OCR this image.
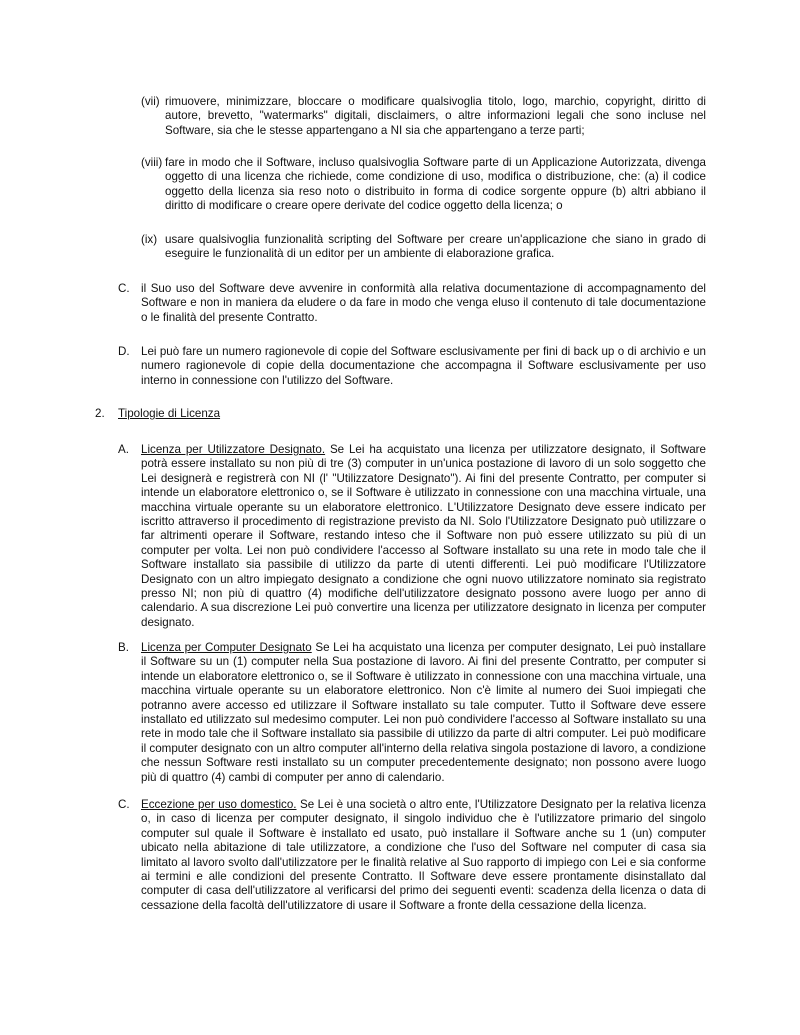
(vii) rimuovere, minimizzare, bloccare o modificare qualsivoglia titolo, logo, marchio, copyright, diritto di autore, brevetto, "watermarks" digitali, disclaimers, o altre informazioni legali che sono incluse nel Software, sia che le stesse appartengano a NI sia che appartengano a terze parti;
(viii) fare in modo che il Software, incluso qualsivoglia Software parte di un Applicazione Autorizzata, divenga oggetto di una licenza che richiede, come condizione di uso, modifica o distribuzione, che: (a) il codice oggetto della licenza sia reso noto o distribuito in forma di codice sorgente oppure (b) altri abbiano il diritto di modificare o creare opere derivate del codice oggetto della licenza; o
(ix) usare qualsivoglia funzionalità scripting del Software per creare un'applicazione che siano in grado di eseguire le funzionalità di un editor per un ambiente di elaborazione grafica.
C. il Suo uso del Software deve avvenire in conformità alla relativa documentazione di accompagnamento del Software e non in maniera da eludere o da fare in modo che venga eluso il contenuto di tale documentazione o le finalità del presente Contratto.
D. Lei può fare un numero ragionevole di copie del Software esclusivamente per fini di back up o di archivio e un numero ragionevole di copie della documentazione che accompagna il Software esclusivamente per uso interno in connessione con l'utilizzo del Software.
2. Tipologie di Licenza
A. Licenza per Utilizzatore Designato. Se Lei ha acquistato una licenza per utilizzatore designato, il Software potrà essere installato su non più di tre (3) computer in un'unica postazione di lavoro di un solo soggetto che Lei designerà e registrerà con NI (l' "Utilizzatore Designato"). Ai fini del presente Contratto, per computer si intende un elaboratore elettronico o, se il Software è utilizzato in connessione con una macchina virtuale, una macchina virtuale operante su un elaboratore elettronico. L'Utilizzatore Designato deve essere indicato per iscritto attraverso il procedimento di registrazione previsto da NI. Solo l'Utilizzatore Designato può utilizzare o far altrimenti operare il Software, restando inteso che il Software non può essere utilizzato su più di un computer per volta. Lei non può condividere l'accesso al Software installato su una rete in modo tale che il Software installato sia passibile di utilizzo da parte di utenti differenti. Lei può modificare l'Utilizzatore Designato con un altro impiegato designato a condizione che ogni nuovo utilizzatore nominato sia registrato presso NI; non più di quattro (4) modifiche dell'utilizzatore designato possono avere luogo per anno di calendario. A sua discrezione Lei può convertire una licenza per utilizzatore designato in licenza per computer designato.
B. Licenza per Computer Designato Se Lei ha acquistato una licenza per computer designato, Lei può installare il Software su un (1) computer nella Sua postazione di lavoro. Ai fini del presente Contratto, per computer si intende un elaboratore elettronico o, se il Software è utilizzato in connessione con una macchina virtuale, una macchina virtuale operante su un elaboratore elettronico. Non c'è limite al numero dei Suoi impiegati che potranno avere accesso ed utilizzare il Software installato su tale computer. Tutto il Software deve essere installato ed utilizzato sul medesimo computer. Lei non può condividere l'accesso al Software installato su una rete in modo tale che il Software installato sia passibile di utilizzo da parte di altri computer. Lei può modificare il computer designato con un altro computer all'interno della relativa singola postazione di lavoro, a condizione che nessun Software resti installato su un computer precedentemente designato; non possono avere luogo più di quattro (4) cambi di computer per anno di calendario.
C. Eccezione per uso domestico. Se Lei è una società o altro ente, l'Utilizzatore Designato per la relativa licenza o, in caso di licenza per computer designato, il singolo individuo che è l'utilizzatore primario del singolo computer sul quale il Software è installato ed usato, può installare il Software anche su 1 (un) computer ubicato nella abitazione di tale utilizzatore, a condizione che l'uso del Software nel computer di casa sia limitato al lavoro svolto dall'utilizzatore per le finalità relative al Suo rapporto di impiego con Lei e sia conforme ai termini e alle condizioni del presente Contratto. Il Software deve essere prontamente disinstallato dal computer di casa dell'utilizzatore al verificarsi del primo dei seguenti eventi: scadenza della licenza o data di cessazione della facoltà dell'utilizzatore di usare il Software a fronte della cessazione della licenza.
